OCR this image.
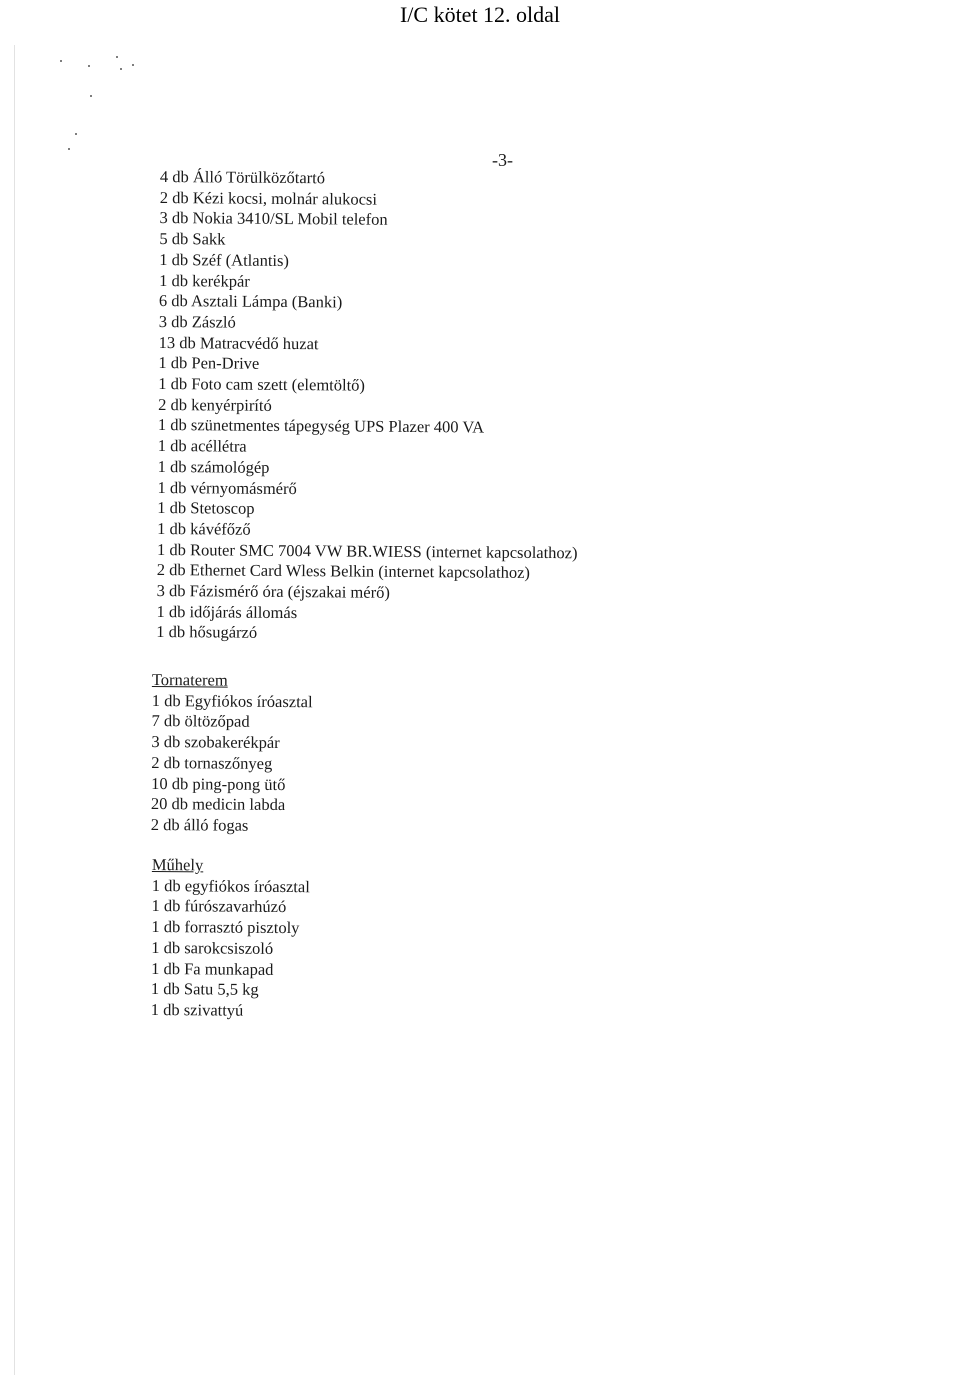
I/C kötet 12. oldal
-3-
4 db Álló Törülközőtartó
2 db Kézi kocsi, molnár alukocsi
3 db Nokia 3410/SL Mobil telefon
5 db Sakk
1 db Széf (Atlantis)
1 db kerékpár
6 db Asztali Lámpa (Banki)
3 db Zászló
13 db Matracvédő huzat
1 db Pen-Drive
1 db Foto cam szett (elemtöltő)
2 db kenyérpirító
1 db szünetmentes tápegység UPS Plazer 400 VA
1 db acéllétra
1 db számológép
1 db vérnyomásmérő
1 db Stetoscop
1 db kávéfőző
1 db Router SMC 7004 VW BR.WIESS (internet kapcsolathoz)
2 db Ethernet Card Wless Belkin (internet kapcsolathoz)
3 db Fázismérő óra (éjszakai mérő)
1 db időjárás állomás
1 db hősugárzó
Tornaterem
1 db Egyfiókos íróasztal
7 db öltözőpad
3 db szobakerékpár
2 db tornaszőnyeg
10 db ping-pong ütő
20 db medicin labda
2 db álló fogas
Műhely
1 db egyfiókos íróasztal
1 db fúrószavarhúzó
1 db forrasztó pisztoly
1 db sarokcsiszoló
1 db Fa munkapad
1 db Satu 5,5 kg
1 db szivattyú
